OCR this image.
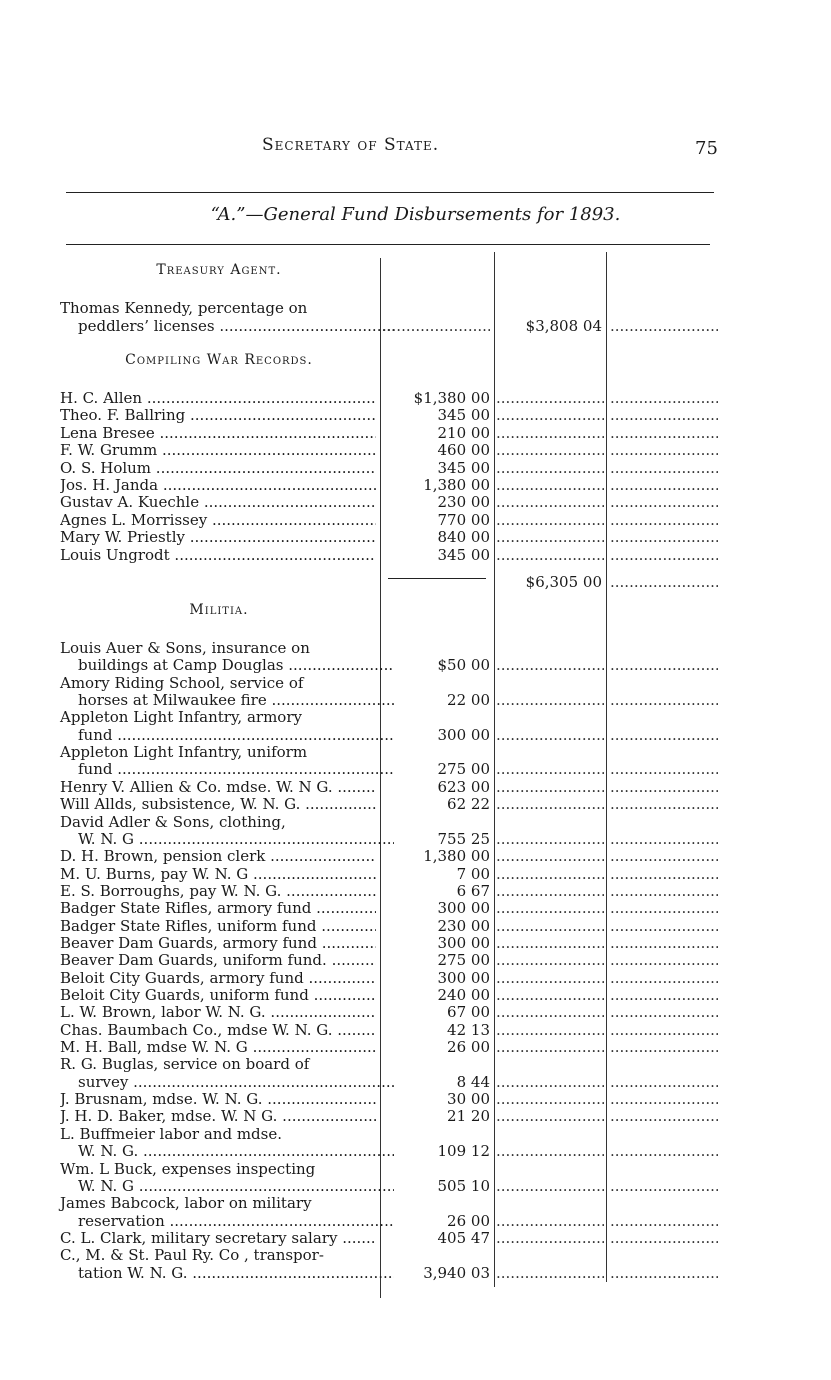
Secretary of State.	75
“A.”—General Fund Disbursements for 1893.
Treasury Agent.
Thomas Kennedy, percentage on
peddlers’ licenses .....
.....	$3,808 04
.....
Compiling War Records.
H. C. Allen .....	$1,380 00
.....
.....
Theo. F. Ballring .....	345 00
.....
.....
Lena Bresee .....	210 00
.....
.....
F. W. Grumm .....	460 00
.....
.....
O. S. Holum .....	345 00
.....
.....
Jos. H. Janda .....	1,380 00
.....
.....
Gustav A. Kuechle .....	230 00
.....
.....
Agnes L. Morrissey .....	770 00
.....
.....
Mary W. Priestly .....	840 00
.....
.....
Louis Ungrodt .....	345 00
.....
.....
$6,305 00
.....
Militia.
Louis Auer & Sons, insurance on
buildings at Camp Douglas .....	$50 00
.....
.....
Amory Riding School, service of
horses at Milwaukee fire .....	22 00
.....
.....
Appleton Light Infantry, armory
fund .....	300 00
.....
.....
Appleton Light Infantry, uniform
fund .....	275 00
.....
.....
Henry V. Allien & Co. mdse. W. N G. .....	623 00
.....
.....
Will Allds, subsistence, W. N. G. .....	62 22
.....
.....
David Adler & Sons, clothing,
W. N. G .....	755 25
.....
.....
D. H. Brown, pension clerk .....	1,380 00
.....
.....
M. U. Burns, pay W. N. G .....	7 00
.....
.....
E. S. Borroughs, pay W. N. G. .....	6 67
.....
.....
Badger State Rifles, armory fund .....	300 00
.....
.....
Badger State Rifles, uniform fund .....	230 00
.....
.....
Beaver Dam Guards, armory fund .....	300 00
.....
.....
Beaver Dam Guards, uniform fund. .....	275 00
.....
.....
Beloit City Guards, armory fund .....	300 00
.....
.....
Beloit City Guards, uniform fund .....	240 00
.....
.....
L. W. Brown, labor W. N. G. .....	67 00
.....
.....
Chas. Baumbach Co., mdse W. N. G. .....	42 13
.....
.....
M. H. Ball, mdse W. N. G .....	26 00
.....
.....
R. G. Buglas, service on board of
survey .....	8 44
.....
.....
J. Brusnam, mdse. W. N. G. .....	30 00
.....
.....
J. H. D. Baker, mdse. W. N G. .....	21 20
.....
.....
L. Buffmeier labor and mdse.
W. N. G. .....	109 12
.....
.....
Wm. L Buck, expenses inspecting
W. N. G .....	505 10
.....
.....
James Babcock, labor on military
reservation .....	26 00
.....
.....
C. L. Clark, military secretary salary .....	405 47
.....
.....
C., M. & St. Paul Ry. Co , transpor-
tation W. N. G. .....	3,940 03
.....
.....
